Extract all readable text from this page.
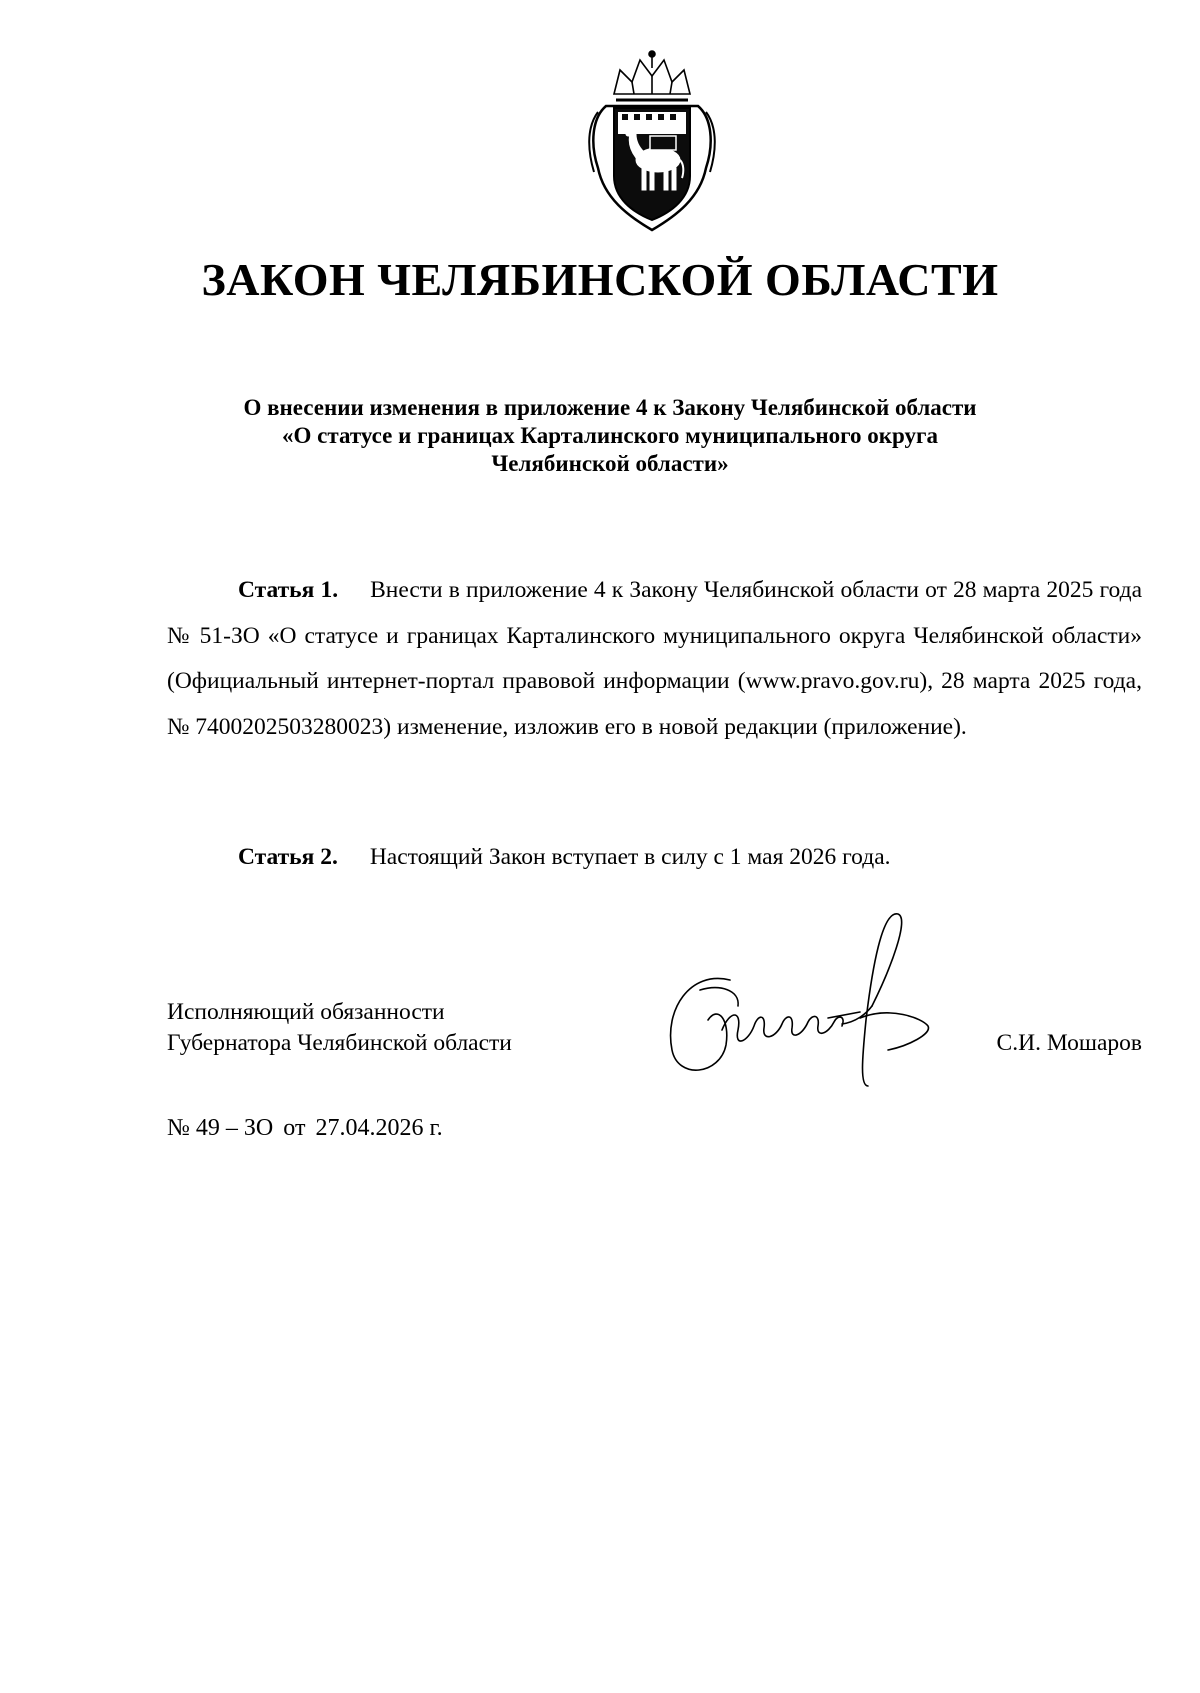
ЗАКОН ЧЕЛЯБИНСКОЙ ОБЛАСТИ
О внесении изменения в приложение 4 к Закону Челябинской области
«О статусе и границах Карталинского муниципального округа
Челябинской области»

Статья 1. Внести в приложение 4 к Закону Челябинской области от 28 марта 2025 года № 51-ЗО «О статусе и границах Карталинского муниципального округа Челябинской области» (Официальный интернет-портал правовой информации (www.pravo.gov.ru), 28 марта 2025 года, № 7400202503280023) изменение, изложив его в новой редакции (приложение).

Статья 2. Настоящий Закон вступает в силу с 1 мая 2026 года.

Исполняющий обязанности
Губернатора Челябинской области	С.И. Мошаров
№ 49 – ЗО от 27.04.2026 г.
